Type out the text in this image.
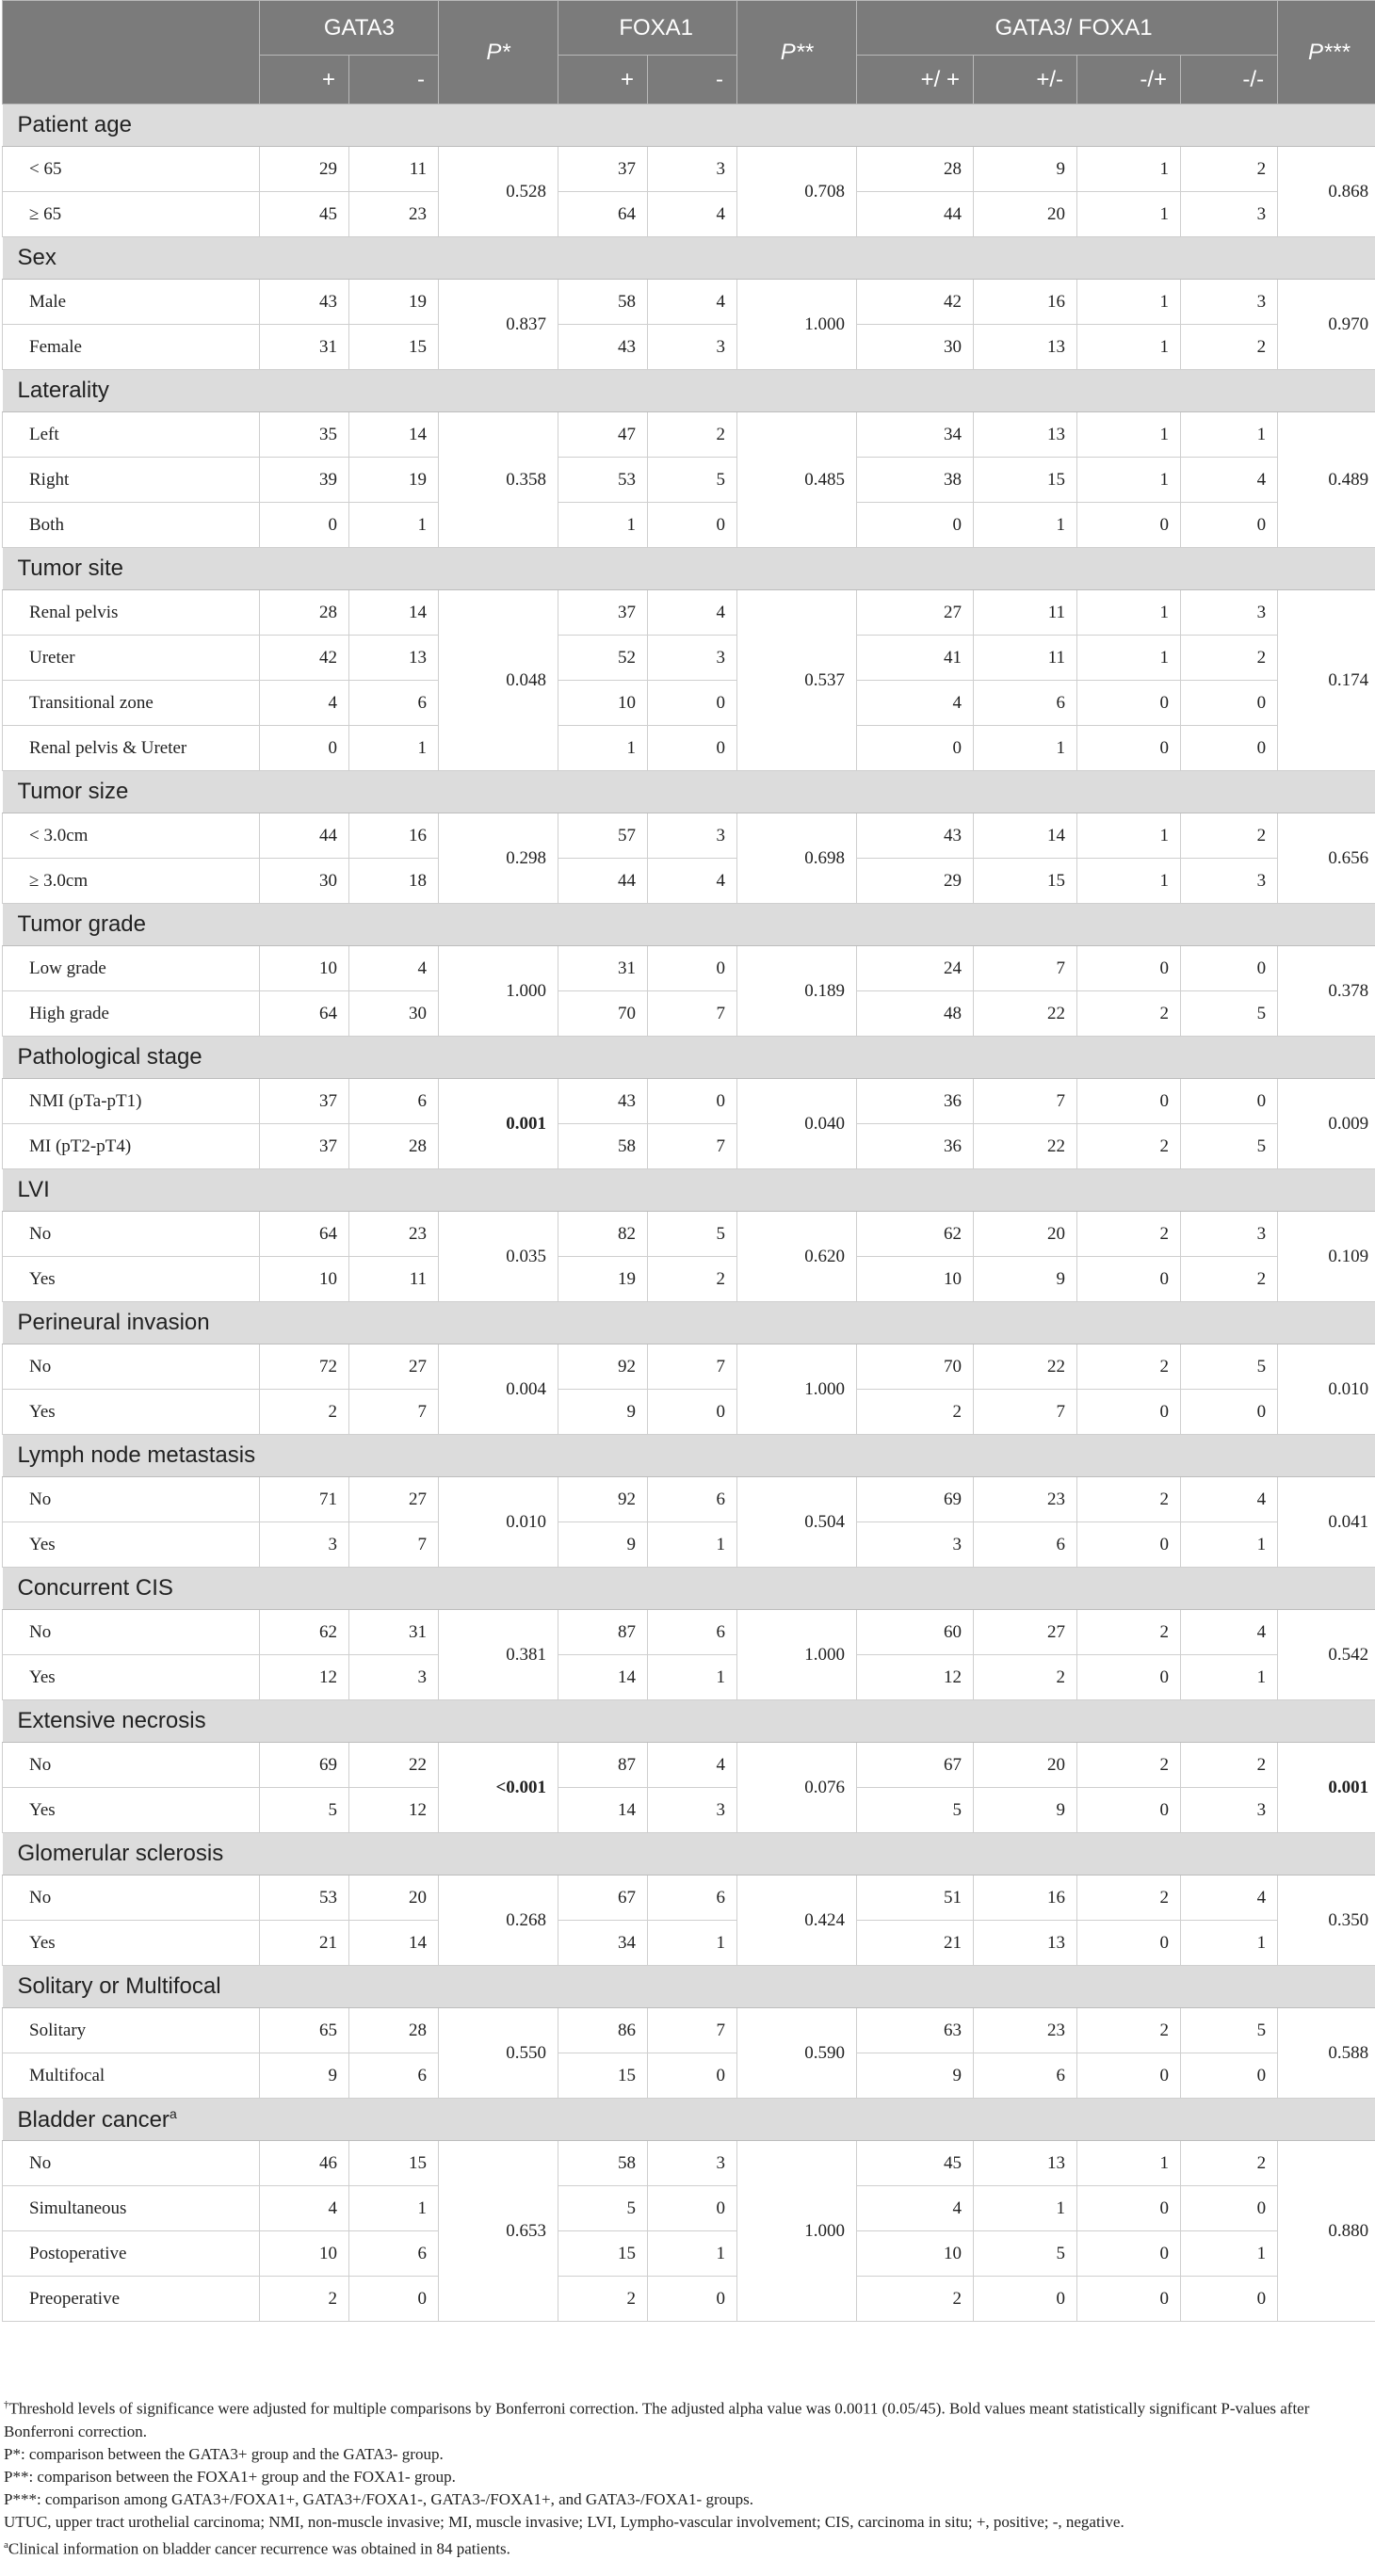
	GATA3		P*	FOXA1		P**	GATA3/ FOXA1				P***
	+	-		+	-		+/ +	+/-	-/+	-/-	
Patient age											
< 65	29	11	0.528	37	3	0.708	28	9	1	2	0.868
≥ 65	45	23		64	4		44	20	1	3	
Sex											
Male	43	19	0.837	58	4	1.000	42	16	1	3	0.970
Female	31	15		43	3		30	13	1	2	
Laterality											
Left	35	14	0.358	47	2	0.485	34	13	1	1	0.489
Right	39	19		53	5		38	15	1	4	
Both	0	1		1	0		0	1	0	0	
Tumor site											
Renal pelvis	28	14	0.048	37	4	0.537	27	11	1	3	0.174
Ureter	42	13		52	3		41	11	1	2	
Transitional zone	4	6		10	0		4	6	0	0	
Renal pelvis & Ureter	0	1		1	0		0	1	0	0	
Tumor size											
< 3.0cm	44	16	0.298	57	3	0.698	43	14	1	2	0.656
≥ 3.0cm	30	18		44	4		29	15	1	3	
Tumor grade											
Low grade	10	4	1.000	31	0	0.189	24	7	0	0	0.378
High grade	64	30		70	7		48	22	2	5	
Pathological stage											
NMI (pTa-pT1)	37	6	0.001	43	0	0.040	36	7	0	0	0.009
MI (pT2-pT4)	37	28		58	7		36	22	2	5	
LVI											
No	64	23	0.035	82	5	0.620	62	20	2	3	0.109
Yes	10	11		19	2		10	9	0	2	
Perineural invasion											
No	72	27	0.004	92	7	1.000	70	22	2	5	0.010
Yes	2	7		9	0		2	7	0	0	
Lymph node metastasis											
No	71	27	0.010	92	6	0.504	69	23	2	4	0.041
Yes	3	7		9	1		3	6	0	1	
Concurrent CIS											
No	62	31	0.381	87	6	1.000	60	27	2	4	0.542
Yes	12	3		14	1		12	2	0	1	
Extensive necrosis											
No	69	22	<0.001	87	4	0.076	67	20	2	2	0.001
Yes	5	12		14	3		5	9	0	3	
Glomerular sclerosis											
No	53	20	0.268	67	6	0.424	51	16	2	4	0.350
Yes	21	14		34	1		21	13	0	1	
Solitary or Multifocal											
Solitary	65	28	0.550	86	7	0.590	63	23	2	5	0.588
Multifocal	9	6		15	0		9	6	0	0	
Bladder cancer$^a$
No	46	15	0.653	58	3	1.000	45	13	1	2	0.880
Simultaneous	4	1		5	0		4	1	0	0	
Postoperative	10	6		15	1		10	5	0	1	
Preoperative	2	0		2	0		2	0	0	0	

†Threshold levels of significance were adjusted for multiple comparisons by Bonferroni correction. The adjusted alpha value was 0.0011 (0.05/45). Bold values meant statistically significant P-values after Bonferroni correction.

P*: comparison between the GATA3+ group and the GATA3- group.

P**: comparison between the FOXA1+ group and the FOXA1- group.

P***: comparison among GATA3+/FOXA1+, GATA3+/FOXA1-, GATA3-/FOXA1+, and GATA3-/FOXA1- groups.

UTUC, upper tract urothelial carcinoma; NMI, non-muscle invasive; MI, muscle invasive; LVI, Lympho-vascular involvement; CIS, carcinoma in situ; +, positive; -, negative.

$^a$Clinical information on bladder cancer recurrence was obtained in 84 patients.
